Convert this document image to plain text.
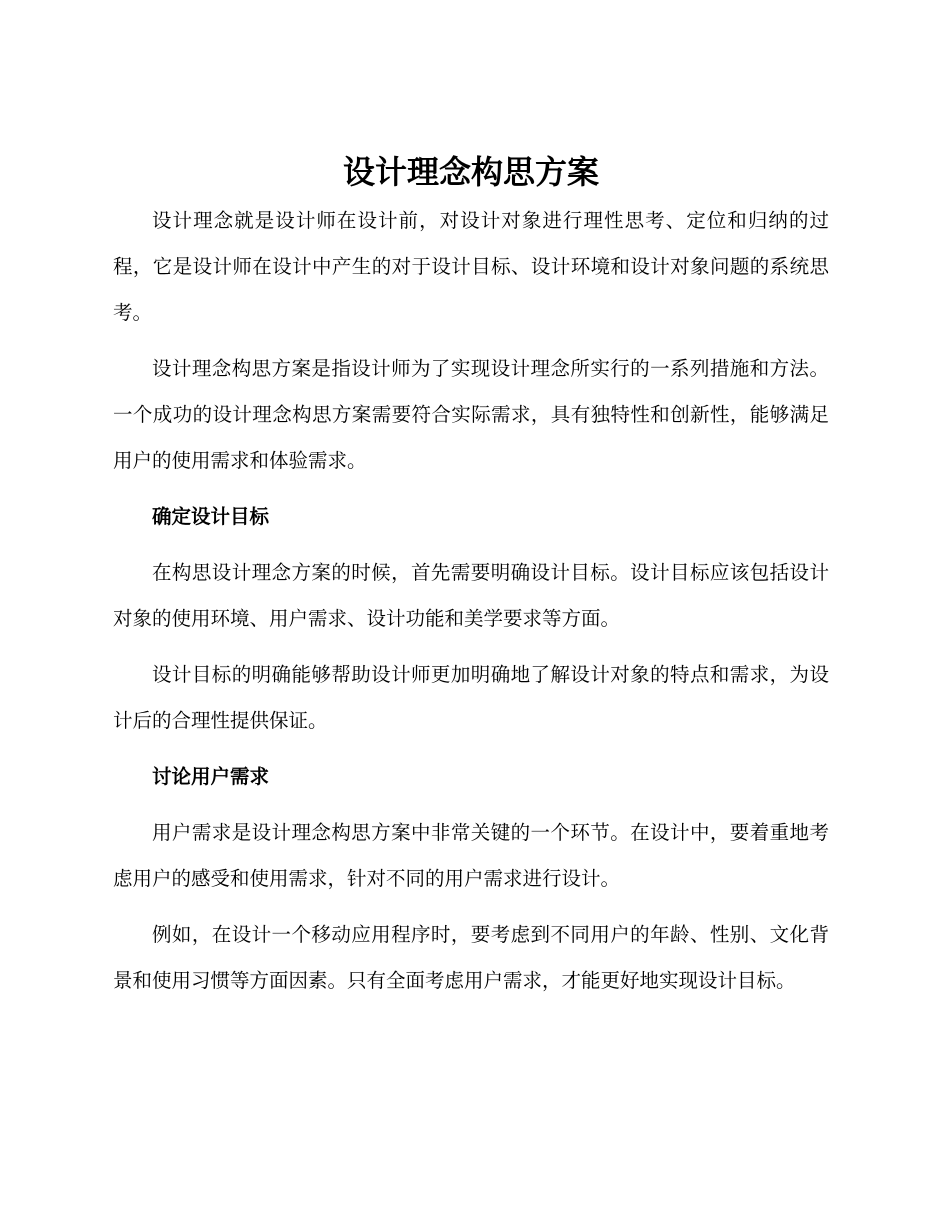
设计理念构思方案

设计理念就是设计师在设计前，对设计对象进行理性思考、定位和归纳的过程，它是设计师在设计中产生的对于设计目标、设计环境和设计对象问题的系统思考。

设计理念构思方案是指设计师为了实现设计理念所实行的一系列措施和方法。一个成功的设计理念构思方案需要符合实际需求，具有独特性和创新性，能够满足用户的使用需求和体验需求。

确定设计目标

在构思设计理念方案的时候，首先需要明确设计目标。设计目标应该包括设计对象的使用环境、用户需求、设计功能和美学要求等方面。

设计目标的明确能够帮助设计师更加明确地了解设计对象的特点和需求，为设计后的合理性提供保证。

讨论用户需求

用户需求是设计理念构思方案中非常关键的一个环节。在设计中，要着重地考虑用户的感受和使用需求，针对不同的用户需求进行设计。

例如，在设计一个移动应用程序时，要考虑到不同用户的年龄、性别、文化背景和使用习惯等方面因素。只有全面考虑用户需求，才能更好地实现设计目标。
